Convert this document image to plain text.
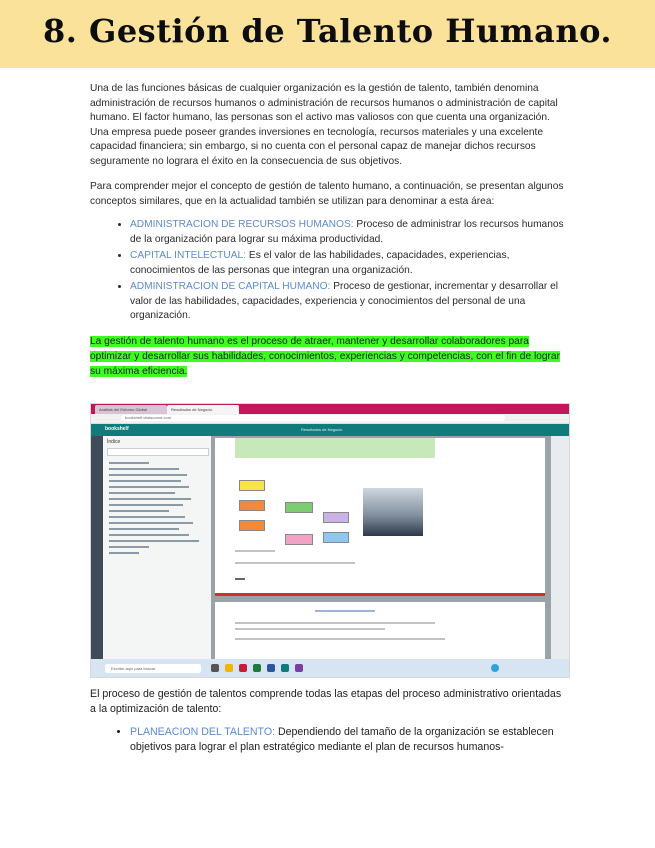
8. Gestión de Talento Humano.

Una de las funciones básicas de cualquier organización es la gestión de talento, también denomina administración de recursos humanos o administración de recursos humanos o administración de capital humano. El factor humano, las personas son el activo mas valiosos con que cuenta una organización. Una empresa puede poseer grandes inversiones en tecnología, recursos materiales y una excelente capacidad financiera; sin embargo, si no cuenta con el personal capaz de manejar dichos recursos seguramente no lograra el éxito en la consecuencia de sus objetivos.

Para comprender mejor el concepto de gestión de talento humano, a continuación, se presentan algunos conceptos similares, que en la actualidad también se utilizan para denominar a esta área:

• ADMINISTRACION DE RECURSOS HUMANOS: Proceso de administrar los recursos humanos de la organización para lograr su máxima productividad.
• CAPITAL INTELECTUAL: Es el valor de las habilidades, capacidades, experiencias, conocimientos de las personas que integran una organización.
• ADMINISTRACION DE CAPITAL HUMANO: Proceso de gestionar, incrementar y desarrollar el valor de las habilidades, capacidades, experiencia y conocimientos del personal de una organización.
La gestión de talento humano es el proceso de atraer, mantener y desarrollar colaboradores para optimizar y desarrollar sus habilidades, conocimientos, experiencias y competencias, con el fin de lograr su máxima eficiencia.
Análisis del Entorno Global	Resultados de Negocio
bookshelf.vitalsource.com
bookshelf	Resultados de Negocio
Índice
Escribe aquí para buscar

El proceso de gestión de talentos comprende todas las etapas del proceso administrativo orientadas a la optimización de talento:

• PLANEACION DEL TALENTO: Dependiendo del tamaño de la organización se establecen objetivos para lograr el plan estratégico mediante el plan de recursos humanos-
